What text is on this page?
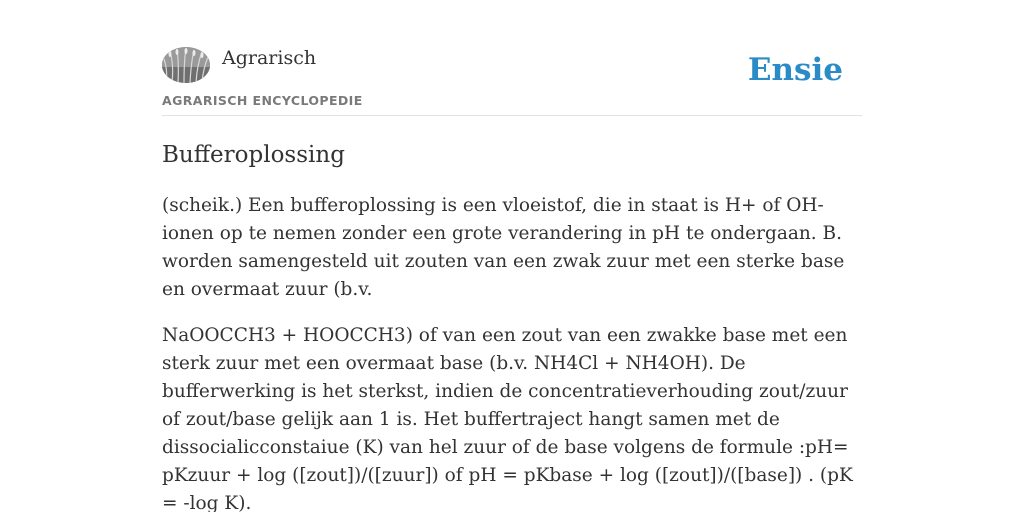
Agrarisch
AGRARISCH ENCYCLOPEDIE
Ensie
Bufferoplossing

(scheik.) Een bufferoplossing is een vloeistof, die in staat is H+ of OH- ionen op te nemen zonder een grote verandering in pH te ondergaan. B. worden samengesteld uit zouten van een zwak zuur met een sterke base en overmaat zuur (b.v.

NaOOCCH3 + HOOCCH3) of van een zout van een zwakke base met een sterk zuur met een overmaat base (b.v. NH4Cl + NH4OH). De bufferwerking is het sterkst, indien de concentratieverhouding zout/zuur of zout/base gelijk aan 1 is. Het buffertraject hangt samen met de dissocialicconstaiue (K) van hel zuur of de base volgens de formule :pH= pKzuur + log ([zout])/([zuur]) of pH = pKbase + log ([zout])/([base]) . (pK = -log K).
